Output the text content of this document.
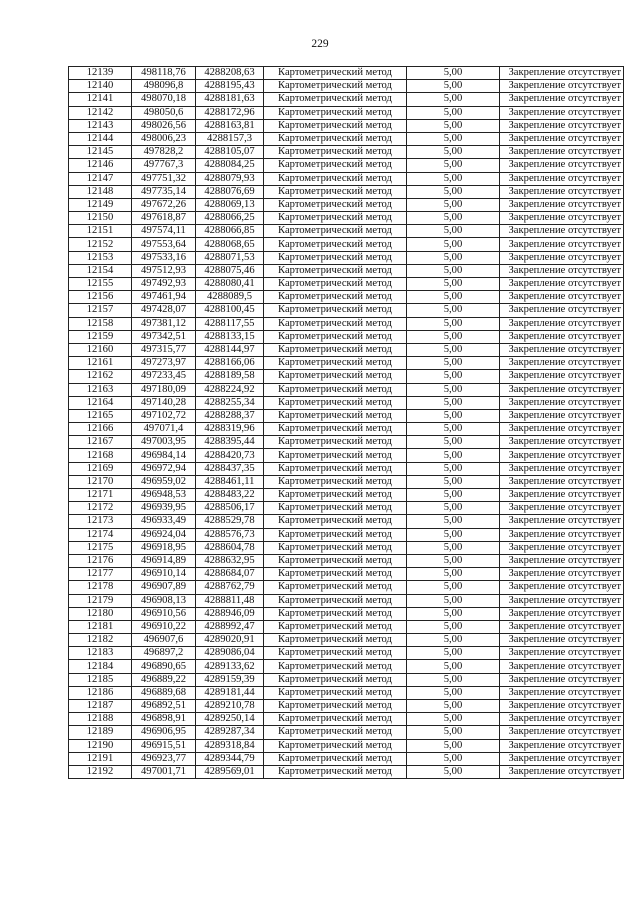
229
12139	498118,76	4288208,63	Картометрический метод	5,00	Закрепление отсутствует
12140	498096,8	4288195,43	Картометрический метод	5,00	Закрепление отсутствует
12141	498070,18	4288181,63	Картометрический метод	5,00	Закрепление отсутствует
12142	498050,6	4288172,96	Картометрический метод	5,00	Закрепление отсутствует
12143	498026,56	4288163,81	Картометрический метод	5,00	Закрепление отсутствует
12144	498006,23	4288157,3	Картометрический метод	5,00	Закрепление отсутствует
12145	497828,2	4288105,07	Картометрический метод	5,00	Закрепление отсутствует
12146	497767,3	4288084,25	Картометрический метод	5,00	Закрепление отсутствует
12147	497751,32	4288079,93	Картометрический метод	5,00	Закрепление отсутствует
12148	497735,14	4288076,69	Картометрический метод	5,00	Закрепление отсутствует
12149	497672,26	4288069,13	Картометрический метод	5,00	Закрепление отсутствует
12150	497618,87	4288066,25	Картометрический метод	5,00	Закрепление отсутствует
12151	497574,11	4288066,85	Картометрический метод	5,00	Закрепление отсутствует
12152	497553,64	4288068,65	Картометрический метод	5,00	Закрепление отсутствует
12153	497533,16	4288071,53	Картометрический метод	5,00	Закрепление отсутствует
12154	497512,93	4288075,46	Картометрический метод	5,00	Закрепление отсутствует
12155	497492,93	4288080,41	Картометрический метод	5,00	Закрепление отсутствует
12156	497461,94	4288089,5	Картометрический метод	5,00	Закрепление отсутствует
12157	497428,07	4288100,45	Картометрический метод	5,00	Закрепление отсутствует
12158	497381,12	4288117,55	Картометрический метод	5,00	Закрепление отсутствует
12159	497342,51	4288133,15	Картометрический метод	5,00	Закрепление отсутствует
12160	497315,77	4288144,97	Картометрический метод	5,00	Закрепление отсутствует
12161	497273,97	4288166,06	Картометрический метод	5,00	Закрепление отсутствует
12162	497233,45	4288189,58	Картометрический метод	5,00	Закрепление отсутствует
12163	497180,09	4288224,92	Картометрический метод	5,00	Закрепление отсутствует
12164	497140,28	4288255,34	Картометрический метод	5,00	Закрепление отсутствует
12165	497102,72	4288288,37	Картометрический метод	5,00	Закрепление отсутствует
12166	497071,4	4288319,96	Картометрический метод	5,00	Закрепление отсутствует
12167	497003,95	4288395,44	Картометрический метод	5,00	Закрепление отсутствует
12168	496984,14	4288420,73	Картометрический метод	5,00	Закрепление отсутствует
12169	496972,94	4288437,35	Картометрический метод	5,00	Закрепление отсутствует
12170	496959,02	4288461,11	Картометрический метод	5,00	Закрепление отсутствует
12171	496948,53	4288483,22	Картометрический метод	5,00	Закрепление отсутствует
12172	496939,95	4288506,17	Картометрический метод	5,00	Закрепление отсутствует
12173	496933,49	4288529,78	Картометрический метод	5,00	Закрепление отсутствует
12174	496924,04	4288576,73	Картометрический метод	5,00	Закрепление отсутствует
12175	496918,95	4288604,78	Картометрический метод	5,00	Закрепление отсутствует
12176	496914,89	4288632,95	Картометрический метод	5,00	Закрепление отсутствует
12177	496910,14	4288684,07	Картометрический метод	5,00	Закрепление отсутствует
12178	496907,89	4288762,79	Картометрический метод	5,00	Закрепление отсутствует
12179	496908,13	4288811,48	Картометрический метод	5,00	Закрепление отсутствует
12180	496910,56	4288946,09	Картометрический метод	5,00	Закрепление отсутствует
12181	496910,22	4288992,47	Картометрический метод	5,00	Закрепление отсутствует
12182	496907,6	4289020,91	Картометрический метод	5,00	Закрепление отсутствует
12183	496897,2	4289086,04	Картометрический метод	5,00	Закрепление отсутствует
12184	496890,65	4289133,62	Картометрический метод	5,00	Закрепление отсутствует
12185	496889,22	4289159,39	Картометрический метод	5,00	Закрепление отсутствует
12186	496889,68	4289181,44	Картометрический метод	5,00	Закрепление отсутствует
12187	496892,51	4289210,78	Картометрический метод	5,00	Закрепление отсутствует
12188	496898,91	4289250,14	Картометрический метод	5,00	Закрепление отсутствует
12189	496906,95	4289287,34	Картометрический метод	5,00	Закрепление отсутствует
12190	496915,51	4289318,84	Картометрический метод	5,00	Закрепление отсутствует
12191	496923,77	4289344,79	Картометрический метод	5,00	Закрепление отсутствует
12192	497001,71	4289569,01	Картометрический метод	5,00	Закрепление отсутствует
